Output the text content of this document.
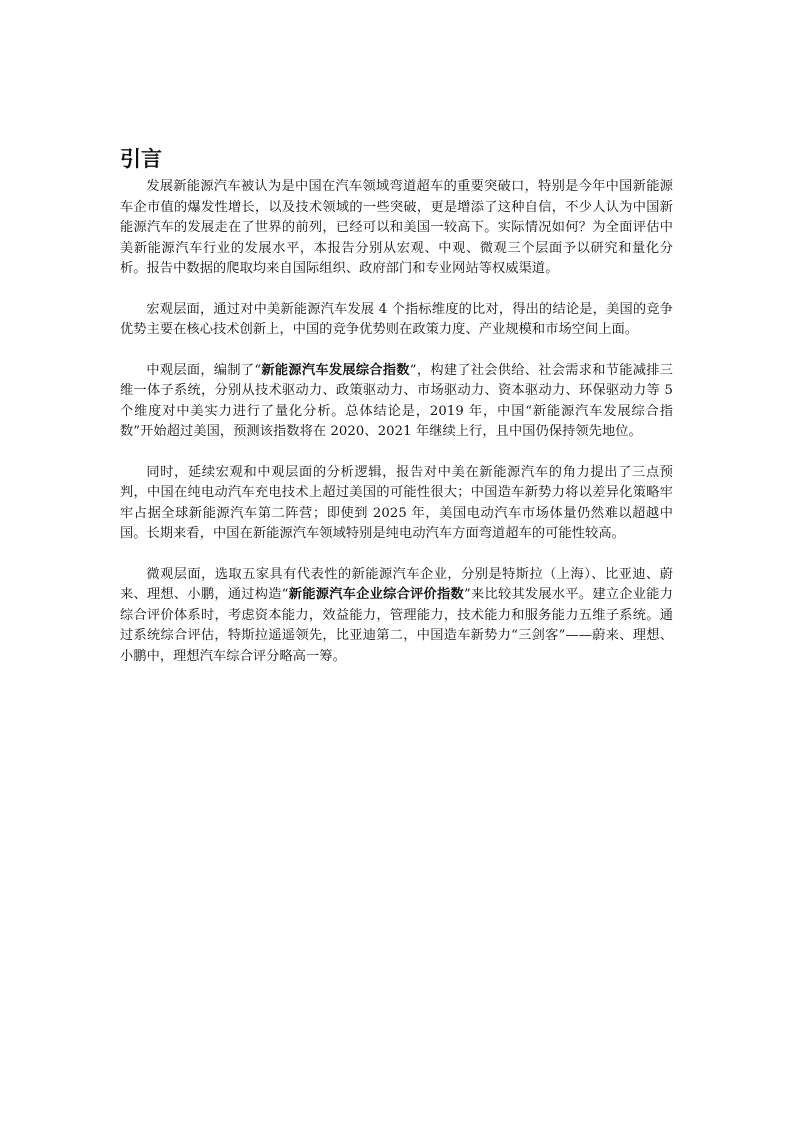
引言

发展新能源汽车被认为是中国在汽车领域弯道超车的重要突破口，特别是今年中国新能源车企市值的爆发性增长，以及技术领域的一些突破，更是增添了这种自信，不少人认为中国新能源汽车的发展走在了世界的前列，已经可以和美国一较高下。实际情况如何？为全面评估中美新能源汽车行业的发展水平，本报告分别从宏观、中观、微观三个层面予以研究和量化分析。报告中数据的爬取均来自国际组织、政府部门和专业网站等权威渠道。

宏观层面，通过对中美新能源汽车发展 4 个指标维度的比对，得出的结论是，美国的竞争优势主要在核心技术创新上，中国的竞争优势则在政策力度、产业规模和市场空间上面。

中观层面，编制了“新能源汽车发展综合指数”，构建了社会供给、社会需求和节能减排三维一体子系统，分别从技术驱动力、政策驱动力、市场驱动力、资本驱动力、环保驱动力等 5 个维度对中美实力进行了量化分析。总体结论是，2019 年，中国“新能源汽车发展综合指数”开始超过美国，预测该指数将在 2020、2021 年继续上行，且中国仍保持领先地位。

同时，延续宏观和中观层面的分析逻辑，报告对中美在新能源汽车的角力提出了三点预判，中国在纯电动汽车充电技术上超过美国的可能性很大；中国造车新势力将以差异化策略牢牢占据全球新能源汽车第二阵营；即使到 2025 年，美国电动汽车市场体量仍然难以超越中国。长期来看，中国在新能源汽车领域特别是纯电动汽车方面弯道超车的可能性较高。

微观层面，选取五家具有代表性的新能源汽车企业，分别是特斯拉（上海）、比亚迪、蔚来、理想、小鹏，通过构造“新能源汽车企业综合评价指数”来比较其发展水平。建立企业能力综合评价体系时，考虑资本能力，效益能力，管理能力，技术能力和服务能力五维子系统。通过系统综合评估，特斯拉遥遥领先，比亚迪第二，中国造车新势力“三剑客”——蔚来、理想、小鹏中，理想汽车综合评分略高一筹。
